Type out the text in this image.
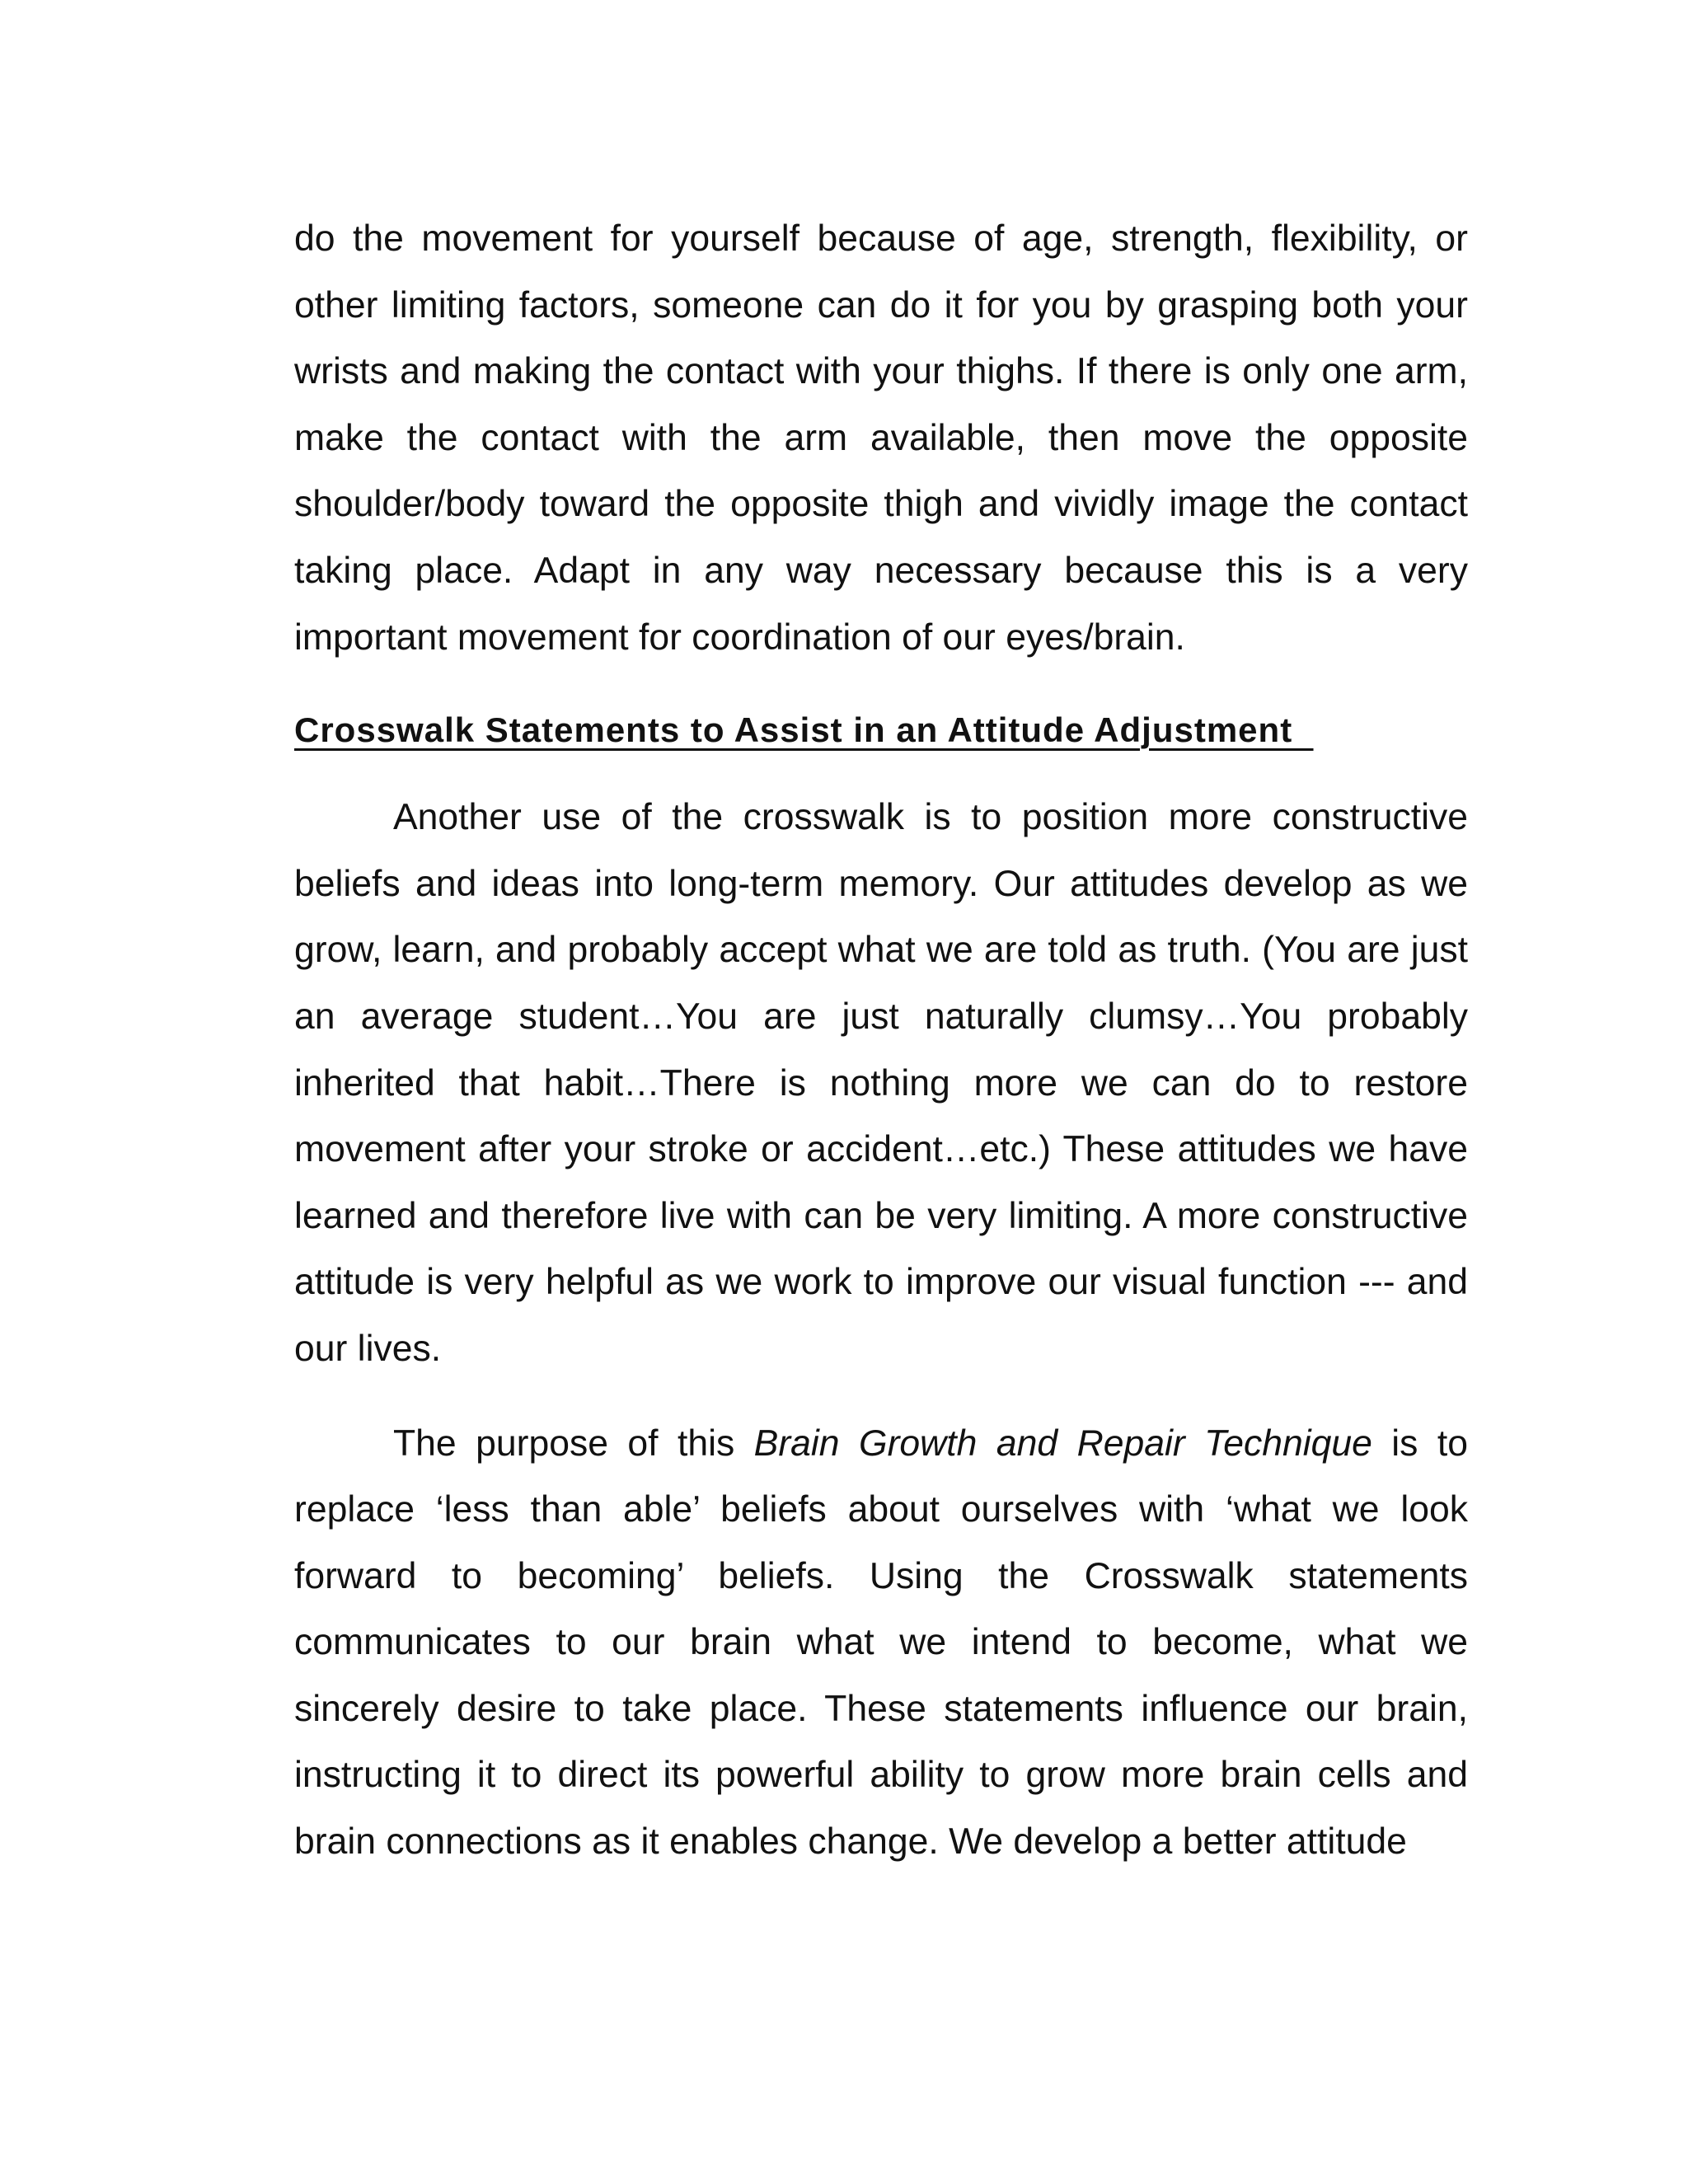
do the movement for yourself because of age, strength, flexibility, or other limiting factors, someone can do it for you by grasping both your wrists and making the contact with your thighs. If there is only one arm, make the contact with the arm available, then move the opposite shoulder/body toward the opposite thigh and vividly image the contact taking place. Adapt in any way necessary because this is a very important movement for coordination of our eyes/brain.

Crosswalk Statements to Assist in an Attitude Adjustment

Another use of the crosswalk is to position more constructive beliefs and ideas into long-term memory. Our attitudes develop as we grow, learn, and probably accept what we are told as truth. (You are just an average student…You are just naturally clumsy…You probably inherited that habit…There is nothing more we can do to restore movement after your stroke or accident…etc.) These attitudes we have learned and therefore live with can be very limiting. A more constructive attitude is very helpful as we work to improve our visual function --- and our lives.

The purpose of this Brain Growth and Repair Technique is to replace ‘less than able’ beliefs about ourselves with ‘what we look forward to becoming’ beliefs. Using the Crosswalk statements communicates to our brain what we intend to become, what we sincerely desire to take place. These statements influence our brain, instructing it to direct its powerful ability to grow more brain cells and brain connections as it enables change. We develop a better attitude
